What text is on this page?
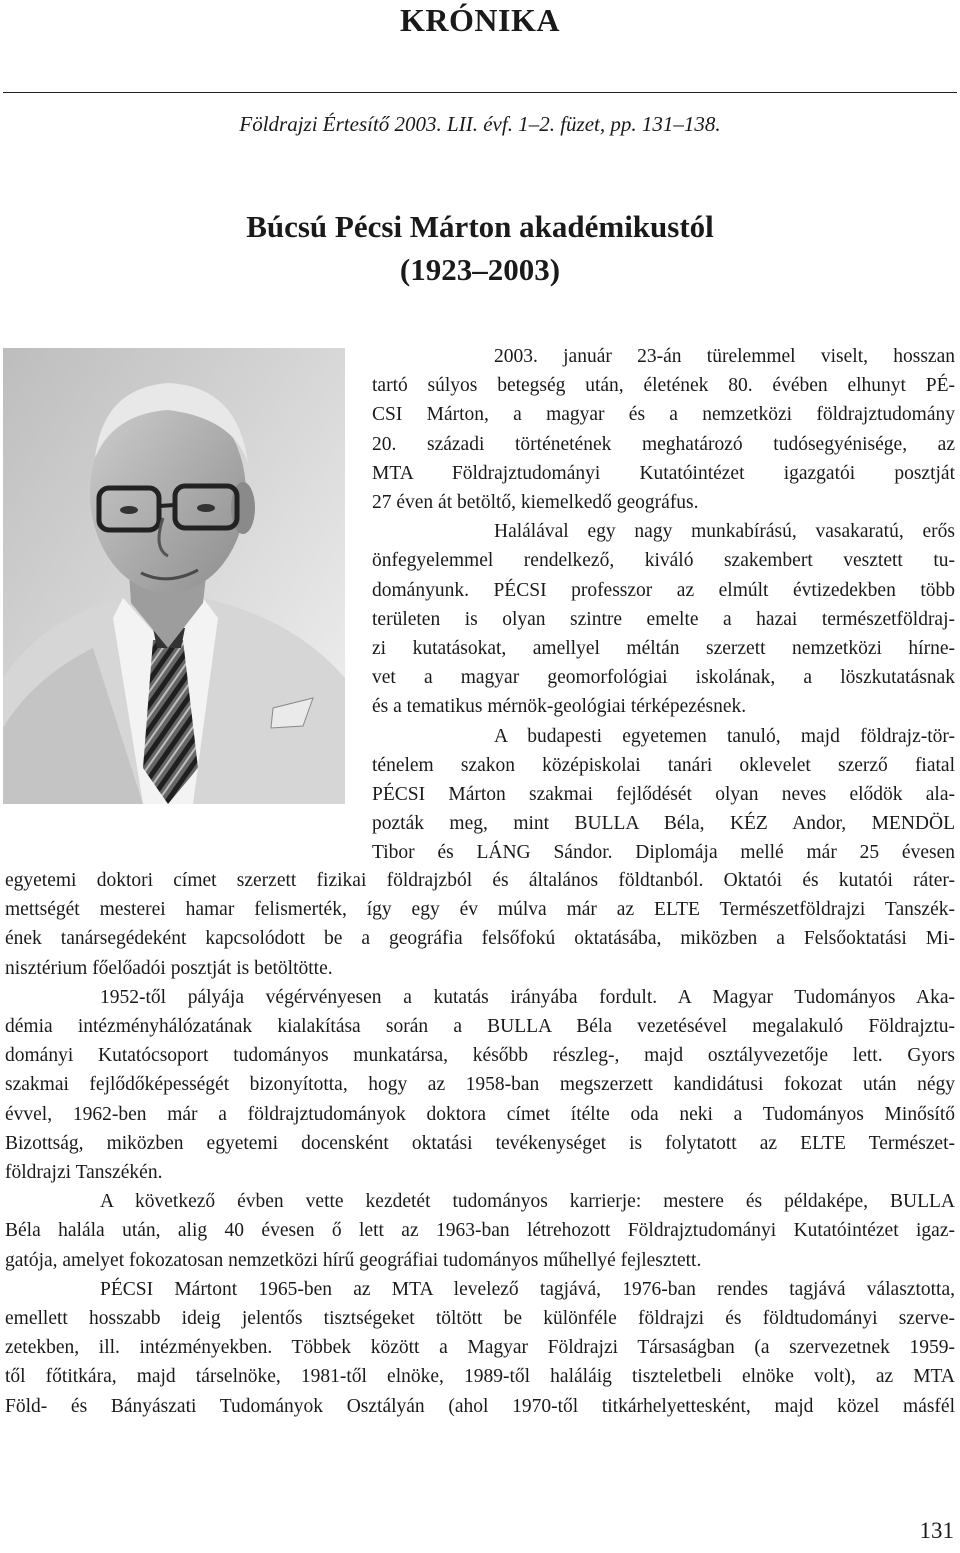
KRÓNIKA
Földrajzi Értesítő 2003. LII. évf. 1–2. füzet, pp. 131–138.
Búcsú Pécsi Márton akadémikustól
(1923–2003)
2003. január 23-án türelemmel viselt, hosszan
tartó súlyos betegség után, életének 80. évében elhunyt PÉ-
CSI Márton, a magyar és a nemzetközi földrajztudomány
20. századi történetének meghatározó tudósegyénisége, az
MTA Földrajztudományi Kutatóintézet igazgatói posztját
27 éven át betöltő, kiemelkedő geográfus.
Halálával egy nagy munkabírású, vasakaratú, erős
önfegyelemmel rendelkező, kiváló szakembert vesztett tu-
dományunk. PÉCSI professzor az elmúlt évtizedekben több
területen is olyan szintre emelte a hazai természetföldraj-
zi kutatásokat, amellyel méltán szerzett nemzetközi hírne-
vet a magyar geomorfológiai iskolának, a löszkutatásnak
és a tematikus mérnök-geológiai térképezésnek.
A budapesti egyetemen tanuló, majd földrajz-tör-
ténelem szakon középiskolai tanári oklevelet szerző fiatal
PÉCSI Márton szakmai fejlődését olyan neves elődök ala-
pozták meg, mint BULLA Béla, KÉZ Andor, MENDÖL
Tibor és LÁNG Sándor. Diplomája mellé már 25 évesen
egyetemi doktori címet szerzett fizikai földrajzból és általános földtanból. Oktatói és kutatói ráter-
mettségét mesterei hamar felismerték, így egy év múlva már az ELTE Természetföldrajzi Tanszék-
ének tanársegédeként kapcsolódott be a geográfia felsőfokú oktatásába, miközben a Felsőoktatási Mi-
nisztérium főelőadói posztját is betöltötte.
1952-től pályája végérvényesen a kutatás irányába fordult. A Magyar Tudományos Aka-
démia intézményhálózatának kialakítása során a BULLA Béla vezetésével megalakuló Földrajztu-
dományi Kutatócsoport tudományos munkatársa, később részleg-, majd osztályvezetője lett. Gyors
szakmai fejlődőképességét bizonyította, hogy az 1958-ban megszerzett kandidátusi fokozat után négy
évvel, 1962-ben már a földrajztudományok doktora címet ítélte oda neki a Tudományos Minősítő
Bizottság, miközben egyetemi docensként oktatási tevékenységet is folytatott az ELTE Természet-
földrajzi Tanszékén.
A következő évben vette kezdetét tudományos karrierje: mestere és példaképe, BULLA
Béla halála után, alig 40 évesen ő lett az 1963-ban létrehozott Földrajztudományi Kutatóintézet igaz-
gatója, amelyet fokozatosan nemzetközi hírű geográfiai tudományos műhellyé fejlesztett.
PÉCSI Mártont 1965-ben az MTA levelező tagjává, 1976-ban rendes tagjává választotta,
emellett hosszabb ideig jelentős tisztségeket töltött be különféle földrajzi és földtudományi szerve-
zetekben, ill. intézményekben. Többek között a Magyar Földrajzi Társaságban (a szervezetnek 1959-
től főtitkára, majd társelnöke, 1981-től elnöke, 1989-től haláláig tiszteletbeli elnöke volt), az MTA
Föld- és Bányászati Tudományok Osztályán (ahol 1970-től titkárhelyettesként, majd közel másfél
131
